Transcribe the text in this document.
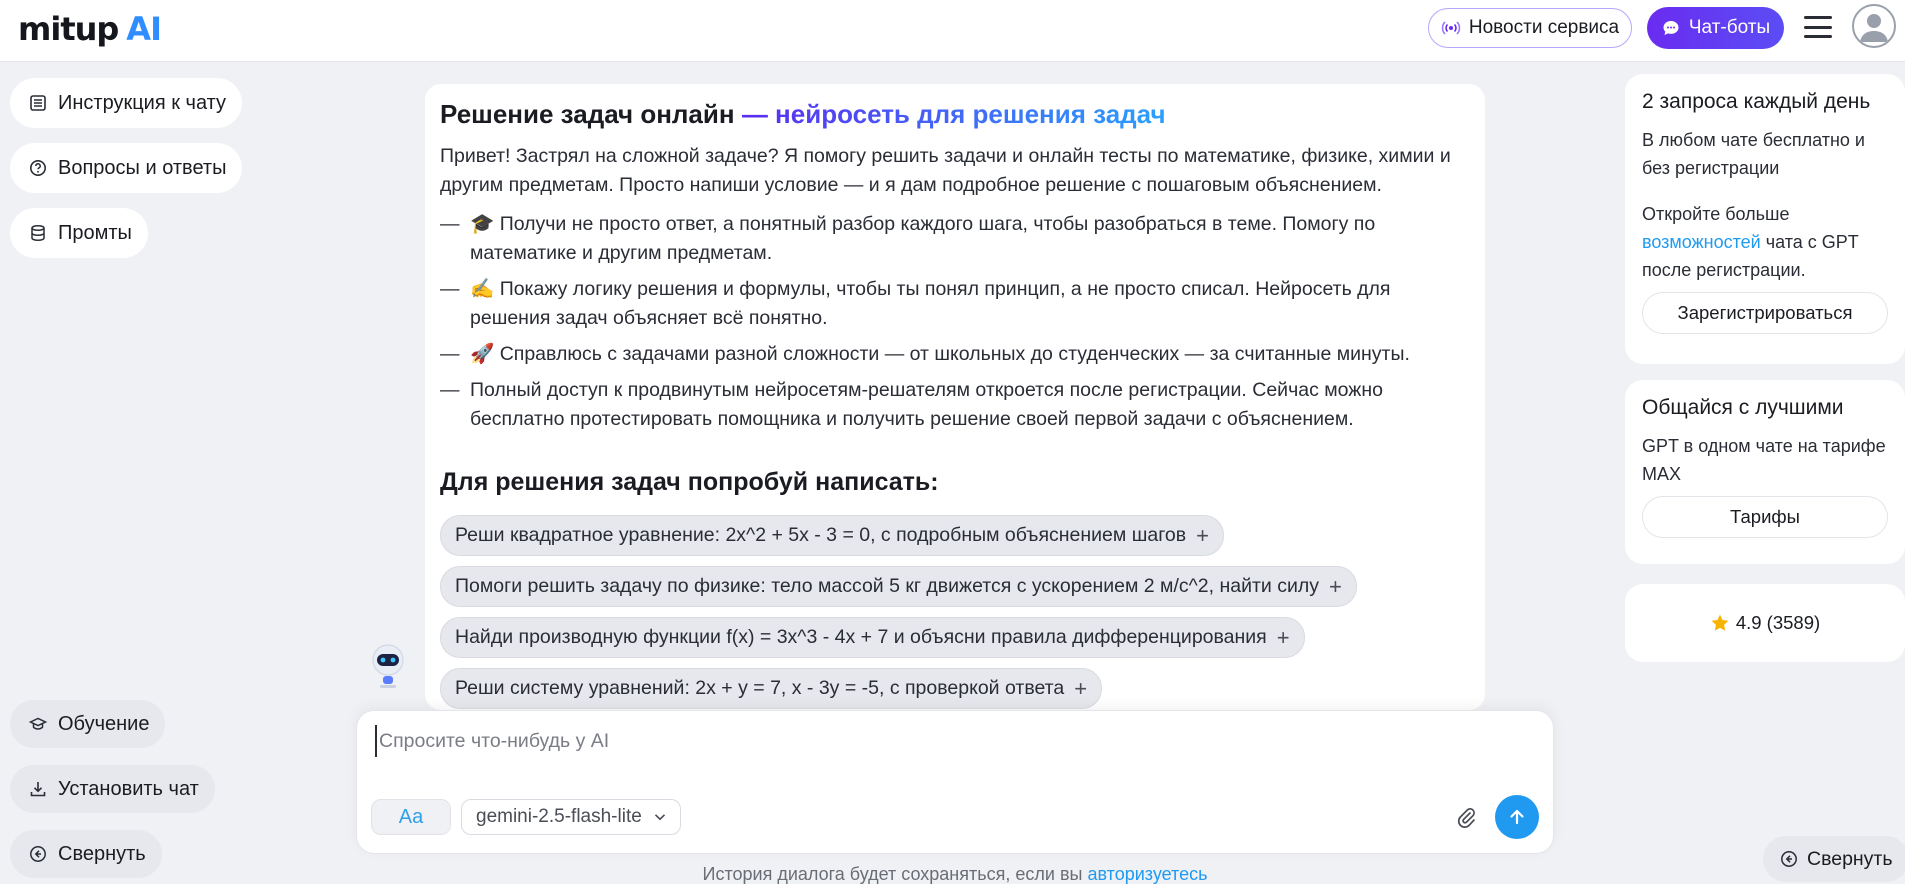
mitup AI	Новости сервиса	Чат-боты
Инструкция к чату
Вопросы и ответы
Промты
Обучение
Установить чат
Свернуть
Решение задач онлайн — нейросеть для решения задач

Привет! Застрял на сложной задаче? Я помогу решить задачи и онлайн тесты по математике, физике, химии и другим предметам. Просто напиши условие — и я дам подробное решение с пошаговым объяснением.

— 🎓 Получи не просто ответ, а понятный разбор каждого шага, чтобы разобраться в теме. Помогу по математике и другим предметам.
— ✍️ Покажу логику решения и формулы, чтобы ты понял принцип, а не просто списал. Нейросеть для решения задач объясняет всё понятно.
— 🚀 Справлюсь с задачами разной сложности — от школьных до студенческих — за считанные минуты.
— Полный доступ к продвинутым нейросетям-решателям откроется после регистрации. Сейчас можно бесплатно протестировать помощника и получить решение своей первой задачи с объяснением.
Для решения задач попробуй написать:
Реши квадратное уравнение: 2x^2 + 5x - 3 = 0, с подробным объяснением шагов +
Помоги решить задачу по физике: тело массой 5 кг движется с ускорением 2 м/с^2, найти силу +
Найди производную функции f(x) = 3x^3 - 4x + 7 и объясни правила дифференцирования +
Реши систему уравнений: 2x + y = 7, x - 3y = -5, с проверкой ответа +
Спросите что-нибудь у AI
Aa	gemini-2.5-flash-lite
История диалога будет сохраняться, если вы авторизуетесь
2 запроса каждый день

В любом чате бесплатно и без регистрации

Откройте больше возможностей чата с GPT после регистрации.

Зарегистрироваться
Общайся с лучшими

GPT в одном чате на тарифе MAX

Тарифы
4.9 (3589)
Свернуть
